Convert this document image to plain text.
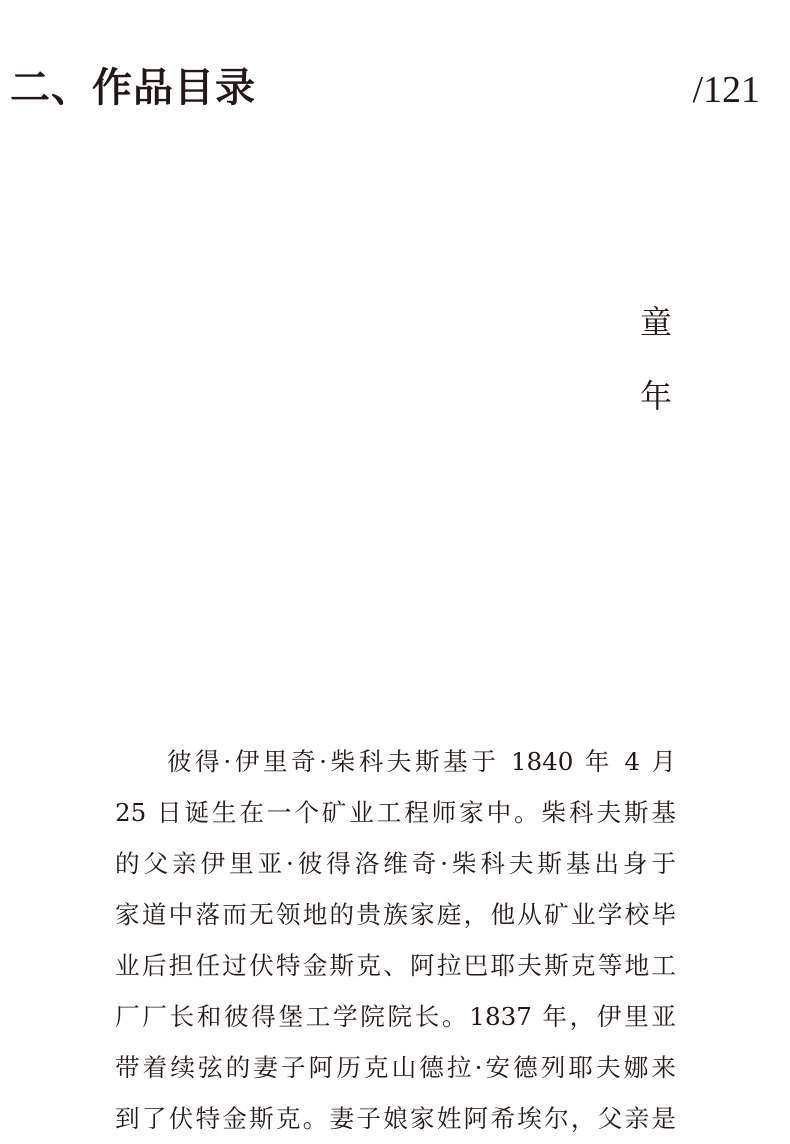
二、作品目录	/121
童
年
彼得·伊里奇·柴科夫斯基于 1840 年 4 月
25 日诞生在一个矿业工程师家中。柴科夫斯基
的父亲伊里亚·彼得洛维奇·柴科夫斯基出身于
家道中落而无领地的贵族家庭，他从矿业学校毕
业后担任过伏特金斯克、阿拉巴耶夫斯克等地工
厂厂长和彼得堡工学院院长。1837 年，伊里亚
带着续弦的妻子阿历克山德拉·安德列耶夫娜来
到了伏特金斯克。妻子娘家姓阿希埃尔，父亲是
